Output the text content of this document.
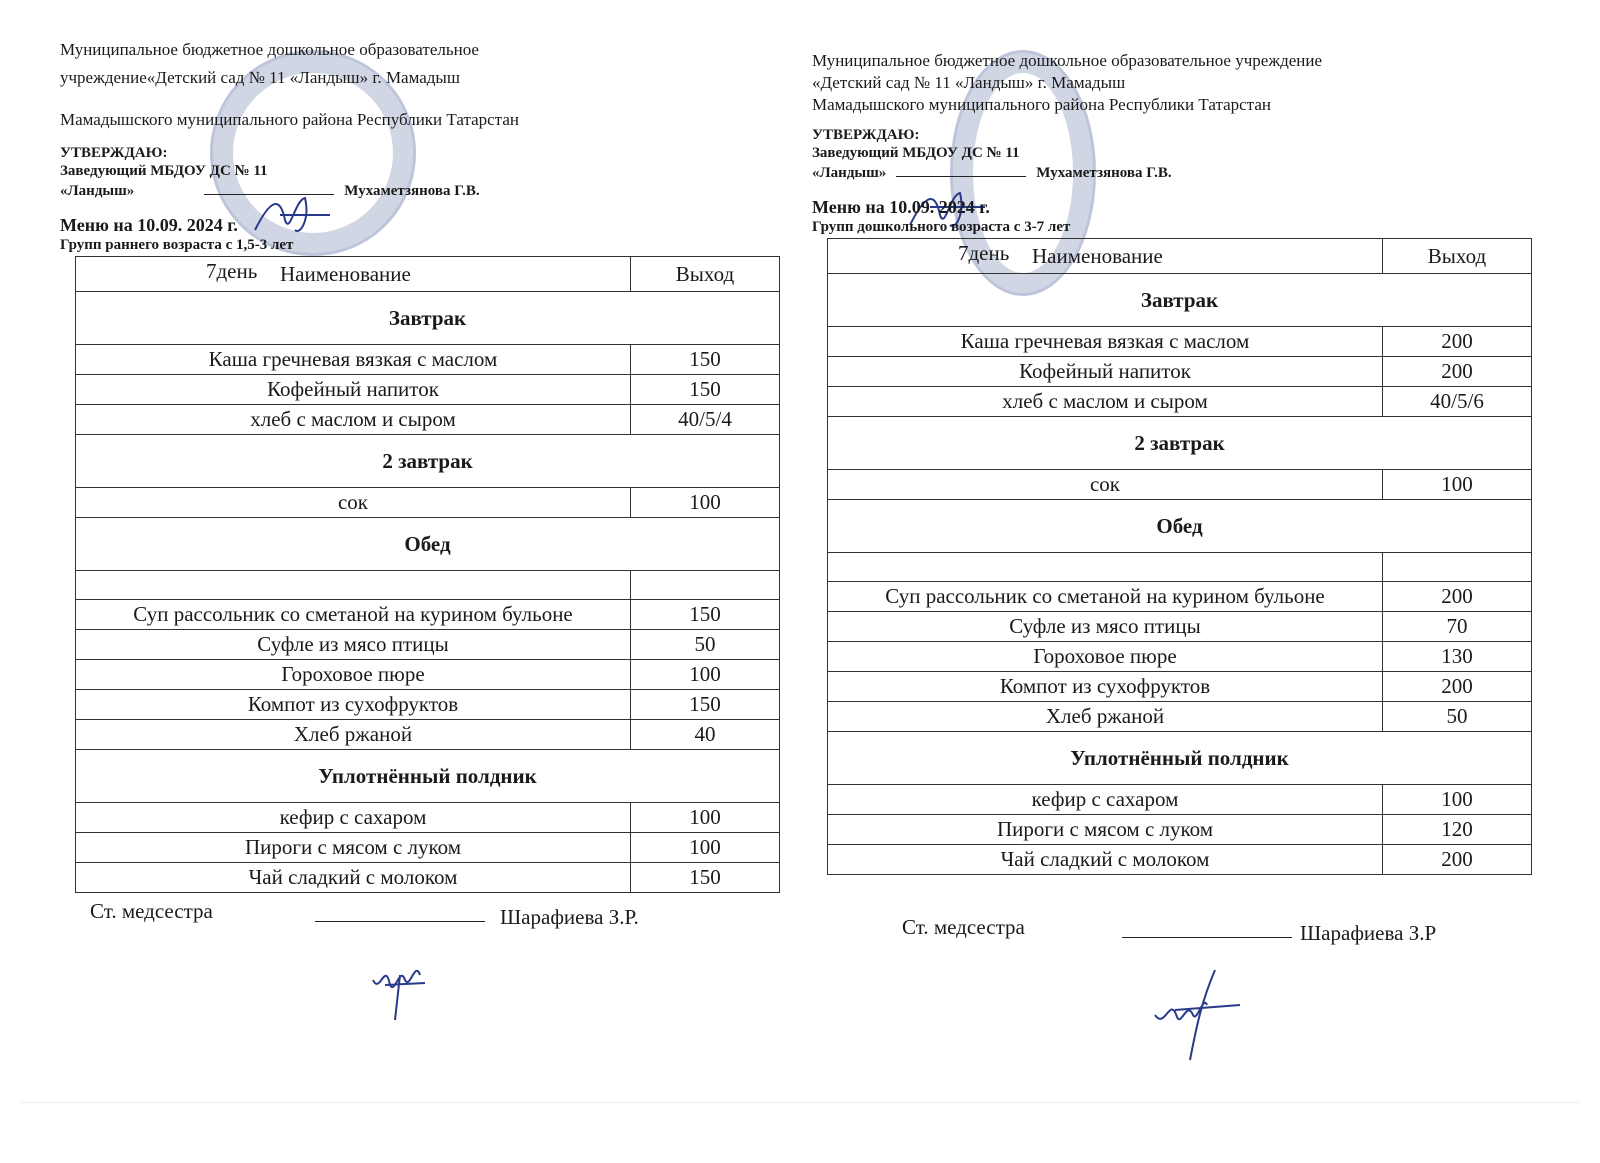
Муниципальное бюджетное дошкольное образовательное
учреждение«Детский сад № 11 «Ландыш» г. Мамадыш
Мамадышского муниципального района Республики Татарстан
УТВЕРЖДАЮ:
Заведующий МБДОУ ДС № 11
«Ландыш»	Мухаметзянова Г.В.
Меню на 10.09. 2024 г.
Групп раннего возраста с 1,5-3 лет
7день Наименование	Выход
Завтрак	
Каша гречневая вязкая с маслом	150
Кофейный напиток	150
хлеб с маслом и сыром	40/5/4
2 завтрак	
сок	100
Обед	

Суп рассольник со сметаной на курином бульоне	150
Суфле из мясо птицы	50
Гороховое пюре	100
Компот из сухофруктов	150
Хлеб ржаной	40
Уплотнённый полдник	
кефир с сахаром	100
Пироги с мясом с луком	100
Чай сладкий с молоком	150
Ст. медсестра	Шарафиева З.Р.
Муниципальное бюджетное дошкольное образовательное учреждение
«Детский сад № 11 «Ландыш» г. Мамадыш
Мамадышского муниципального района Республики Татарстан
УТВЕРЖДАЮ:
Заведующий МБДОУ ДС № 11
«Ландыш»	Мухаметзянова Г.В.
Меню на 10.09. 2024 г.
Групп дошкольного возраста с 3-7 лет
7день Наименование	Выход
Завтрак	
Каша гречневая вязкая с маслом	200
Кофейный напиток	200
хлеб с маслом и сыром	40/5/6
2 завтрак	
сок	100
Обед	

Суп рассольник со сметаной на курином бульоне	200
Суфле из мясо птицы	70
Гороховое пюре	130
Компот из сухофруктов	200
Хлеб ржаной	50
Уплотнённый полдник	
кефир с сахаром	100
Пироги с мясом с луком	120
Чай сладкий с молоком	200
Ст. медсестра	Шарафиева З.Р
